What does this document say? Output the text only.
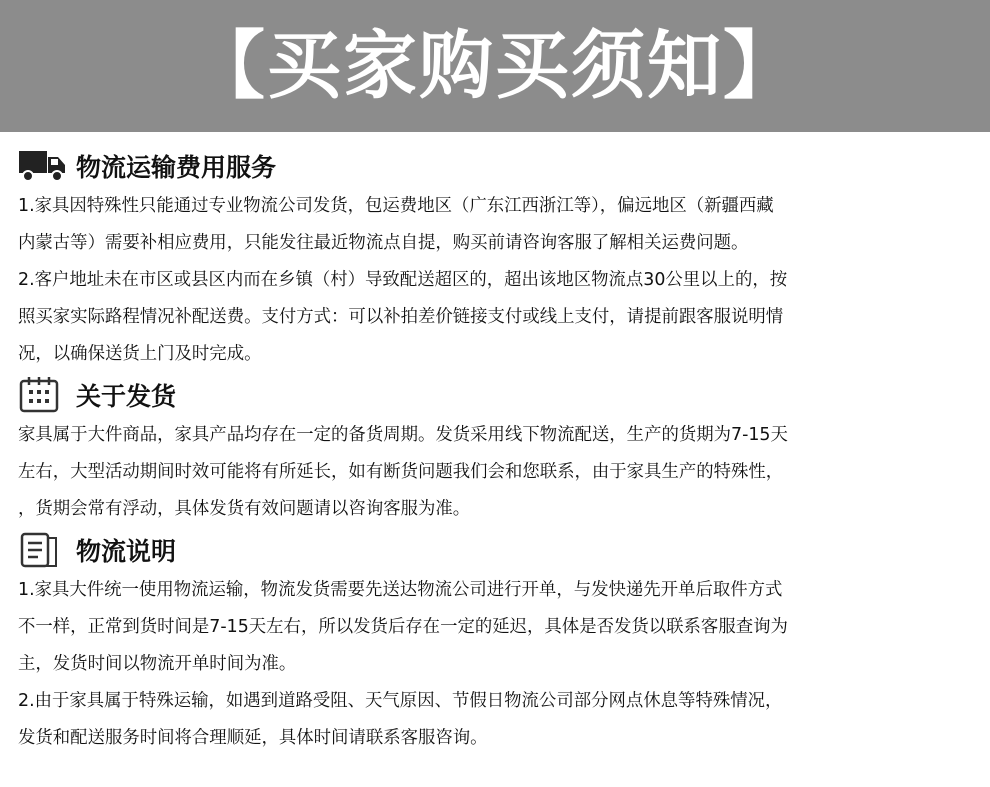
【买家购买须知】
物流运输费用服务

1.家具因特殊性只能通过专业物流公司发货，包运费地区（广东江西浙江等），偏远地区（新疆西藏

内蒙古等）需要补相应费用，只能发往最近物流点自提，购买前请咨询客服了解相关运费问题。

2.客户地址未在市区或县区内而在乡镇（村）导致配送超区的，超出该地区物流点30公里以上的，按

照买家实际路程情况补配送费。支付方式：可以补拍差价链接支付或线上支付，请提前跟客服说明情

况，以确保送货上门及时完成。

关于发货

家具属于大件商品，家具产品均存在一定的备货周期。发货采用线下物流配送，生产的货期为7-15天

左右，大型活动期间时效可能将有所延长，如有断货问题我们会和您联系，由于家具生产的特殊性，

，货期会常有浮动，具体发货有效问题请以咨询客服为准。

物流说明

1.家具大件统一使用物流运输，物流发货需要先送达物流公司进行开单，与发快递先开单后取件方式

不一样，正常到货时间是7-15天左右，所以发货后存在一定的延迟，具体是否发货以联系客服查询为

主，发货时间以物流开单时间为准。

2.由于家具属于特殊运输，如遇到道路受阻、天气原因、节假日物流公司部分网点休息等特殊情况，

发货和配送服务时间将合理顺延，具体时间请联系客服咨询。
